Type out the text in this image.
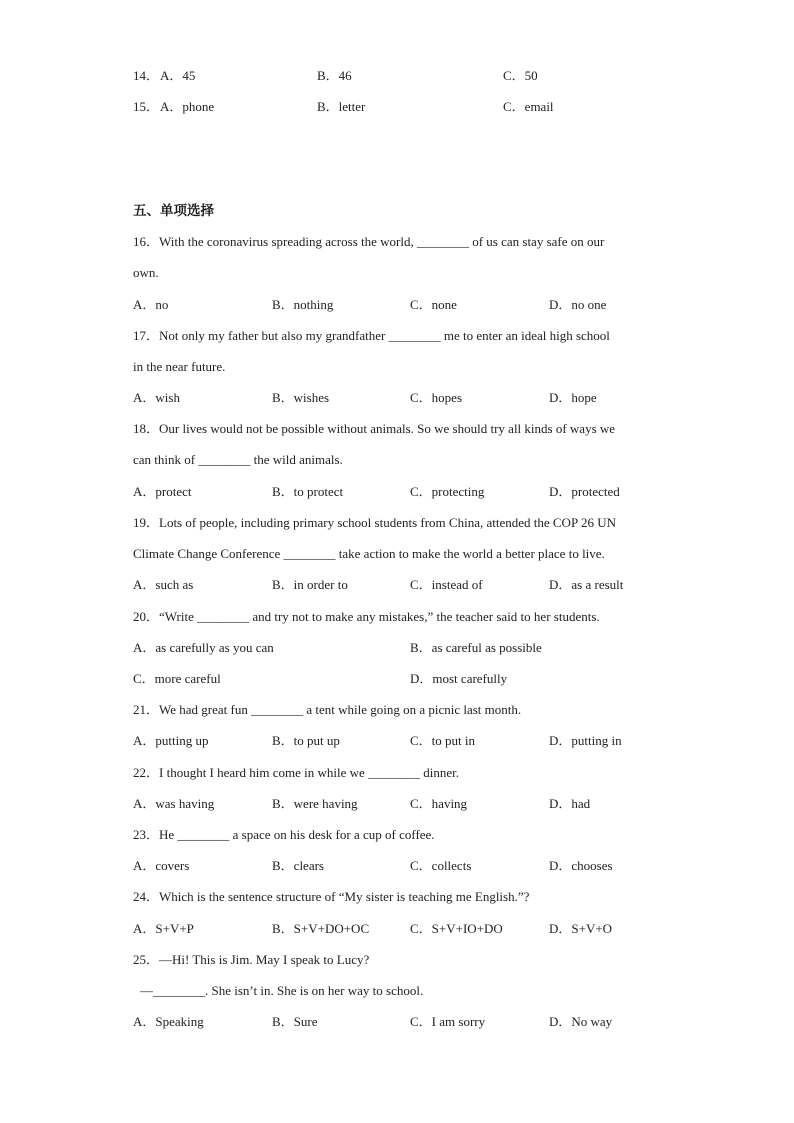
14． A．45	B．46	C．50
15． A．phone	B．letter	C．email
五、单项选择
16．With the coronavirus spreading across the world, ________ of us can stay safe on our
own.
A．no	B．nothing	C．none	D．no one
17．Not only my father but also my grandfather ________ me to enter an ideal high school
in the near future.
A．wish	B．wishes	C．hopes	D．hope
18．Our lives would not be possible without animals. So we should try all kinds of ways we
can think of ________ the wild animals.
A．protect	B．to protect	C．protecting	D．protected
19．Lots of people, including primary school students from China, attended the COP 26 UN
Climate Change Conference ________ take action to make the world a better place to live.
A．such as	B．in order to	C．instead of	D．as a result
20．“Write ________ and try not to make any mistakes,” the teacher said to her students.
A．as carefully as you can	B．as careful as possible
C．more careful	D．most carefully
21．We had great fun ________ a tent while going on a picnic last month.
A．putting up	B．to put up	C．to put in	D．putting in
22．I thought I heard him come in while we ________ dinner.
A．was having	B．were having	C．having	D．had
23．He ________ a space on his desk for a cup of coffee.
A．covers	B．clears	C．collects	D．chooses
24．Which is the sentence structure of “My sister is teaching me English.”?
A．S+V+P	B．S+V+DO+OC	C．S+V+IO+DO	D．S+V+O
25．—Hi! This is Jim. May I speak to Lucy?
—________. She isn’t in. She is on her way to school.
A．Speaking	B．Sure	C．I am sorry	D．No way
